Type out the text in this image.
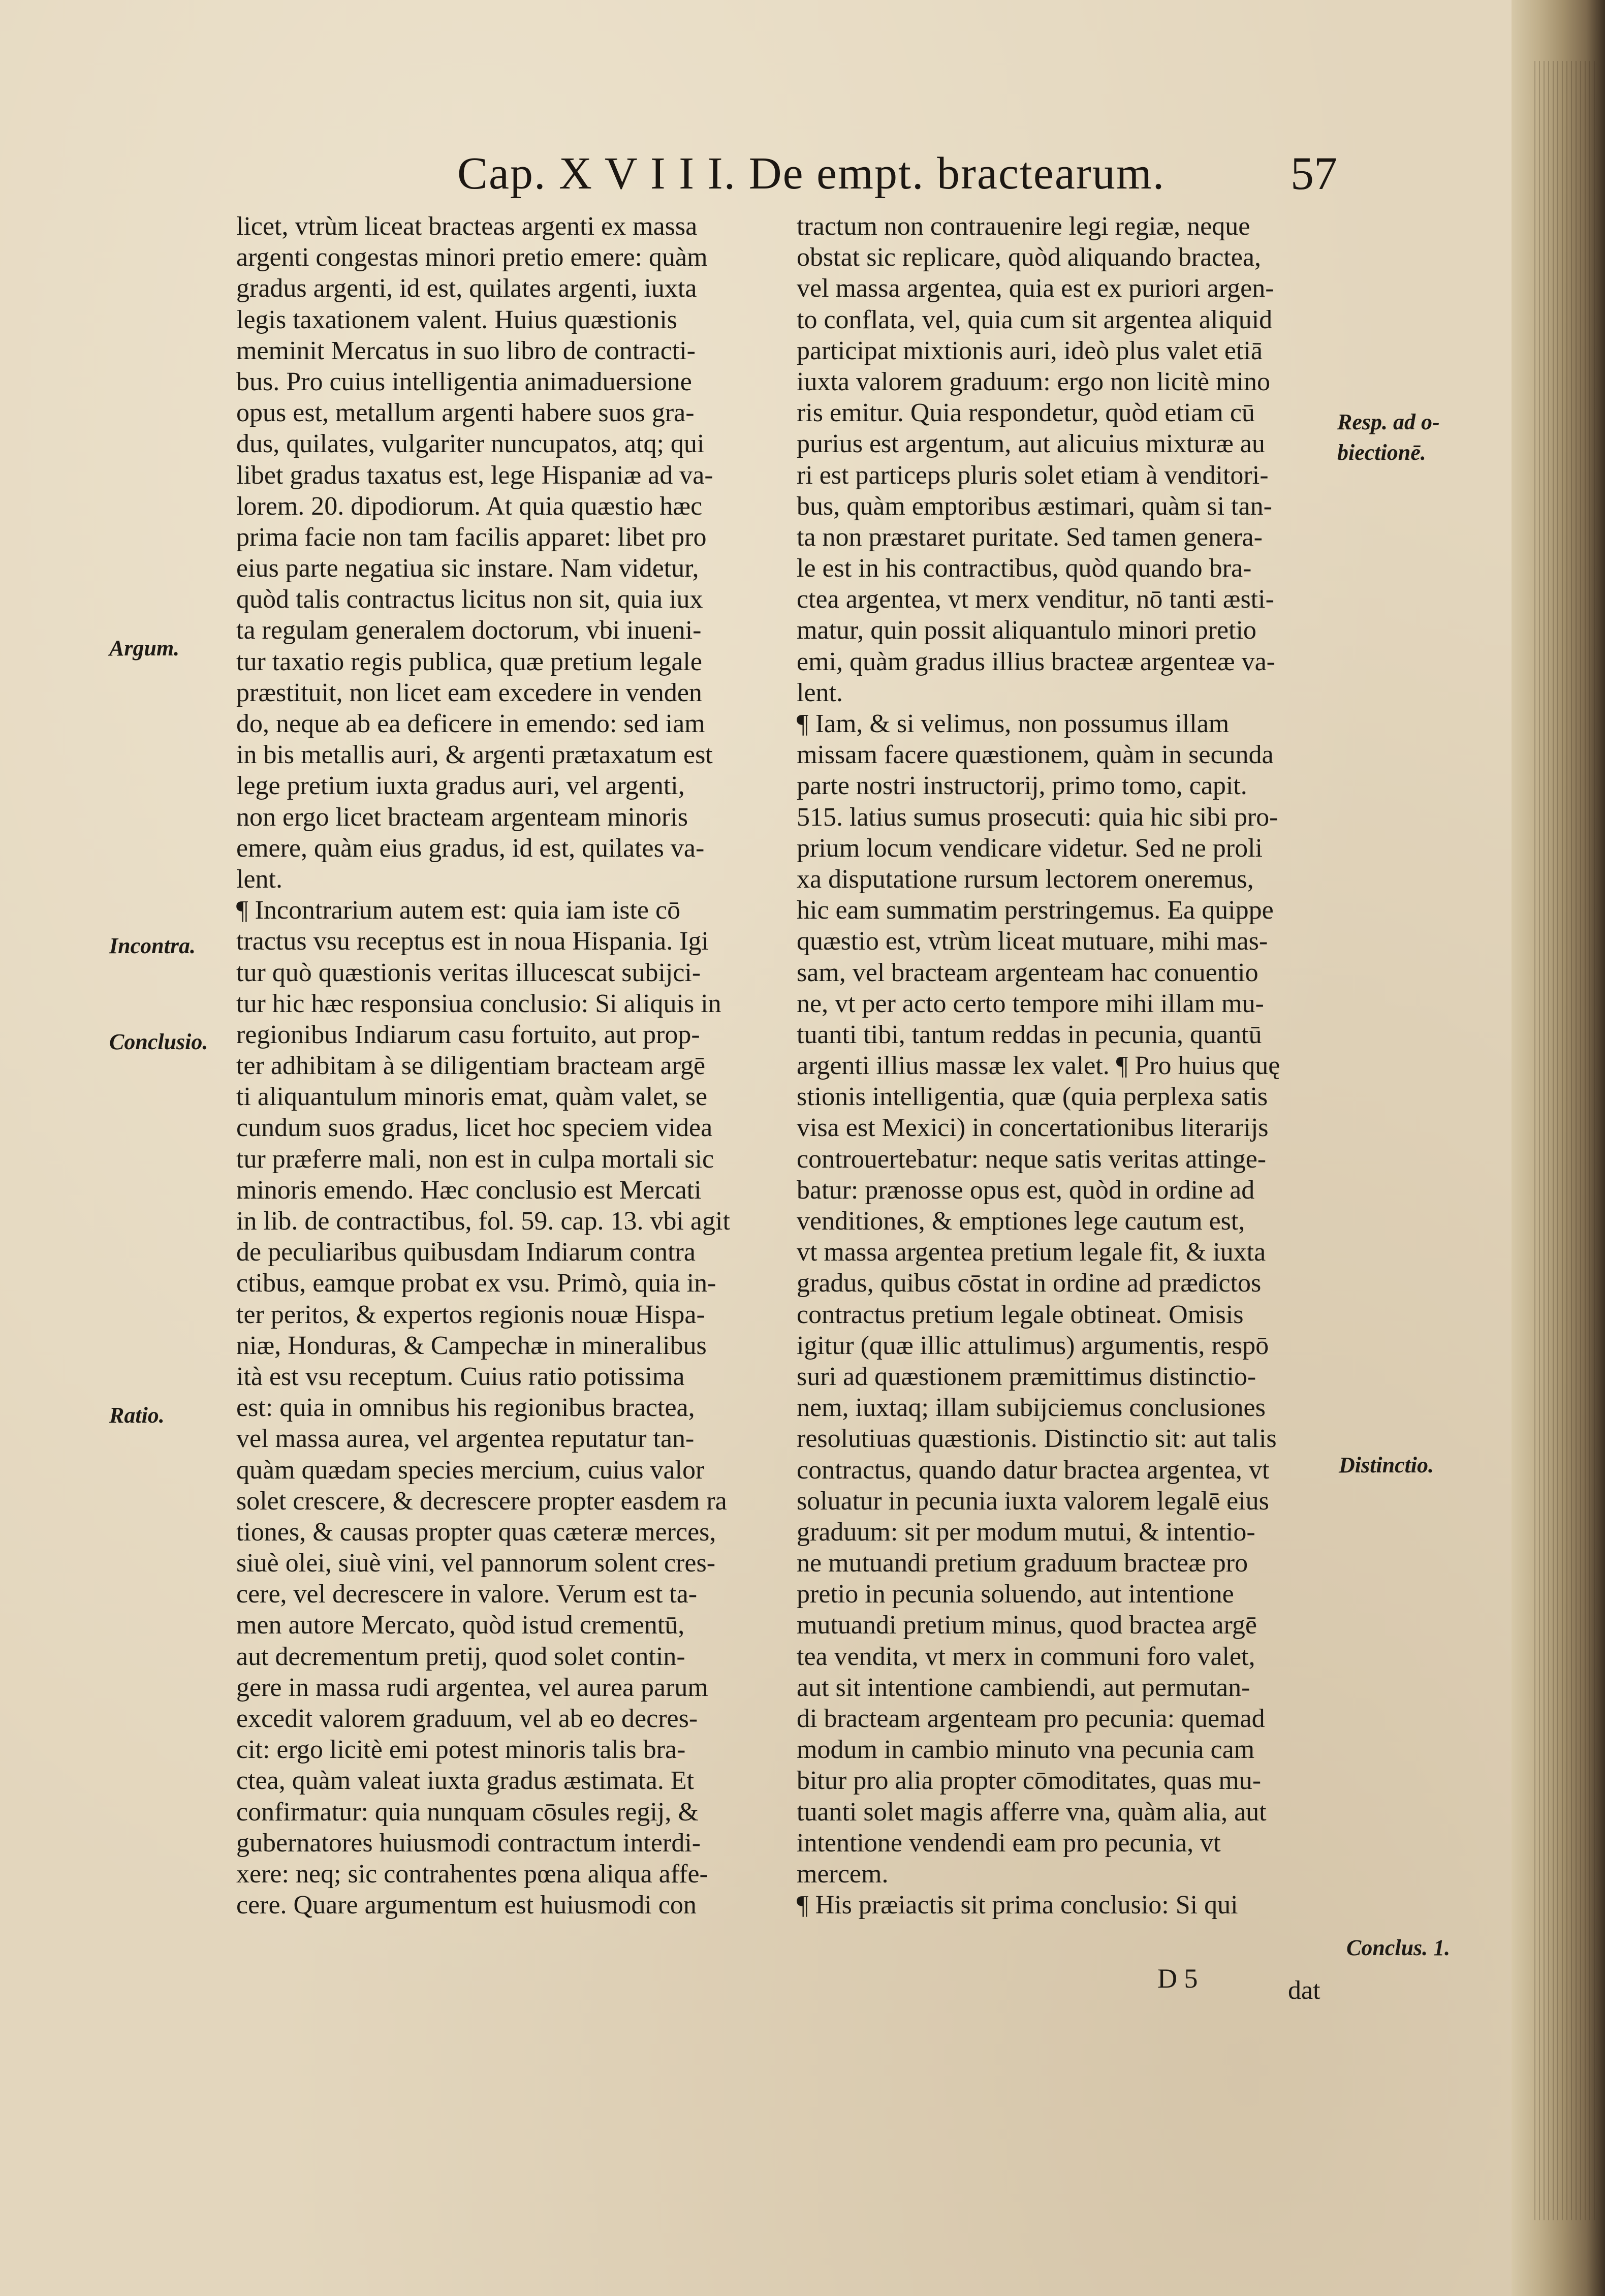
Cap. X V I I I. De empt. bractearum.	57
licet, vtrùm liceat bracteas argenti ex massa
argenti congestas minori pretio emere: quàm
gradus argenti, id est, quilates argenti, iuxta
legis taxationem valent. Huius quæstionis
meminit Mercatus in suo libro de contracti-
bus. Pro cuius intelligentia animaduersione
opus est, metallum argenti habere suos gra-
dus, quilates, vulgariter nuncupatos, atq; qui
libet gradus taxatus est, lege Hispaniæ ad va-
lorem. 20. dipodiorum. At quia quæstio hæc
prima facie non tam facilis apparet: libet pro
eius parte negatiua sic instare. Nam videtur,
quòd talis contractus licitus non sit, quia iux
ta regulam generalem doctorum, vbi inueni-
tur taxatio regis publica, quæ pretium legale
præstituit, non licet eam excedere in venden
do, neque ab ea deficere in emendo: sed iam
in bis metallis auri, & argenti prætaxatum est
lege pretium iuxta gradus auri, vel argenti,
non ergo licet bracteam argenteam minoris
emere, quàm eius gradus, id est, quilates va-
lent.
¶ Incontrarium autem est: quia iam iste cō
tractus vsu receptus est in noua Hispania. Igi
tur quò quæstionis veritas illucescat subijci-
tur hic hæc responsiua conclusio: Si aliquis in
regionibus Indiarum casu fortuito, aut prop-
ter adhibitam à se diligentiam bracteam argē
ti aliquantulum minoris emat, quàm valet, se
cundum suos gradus, licet hoc speciem videa
tur præferre mali, non est in culpa mortali sic
minoris emendo. Hæc conclusio est Mercati
in lib. de contractibus, fol. 59. cap. 13. vbi agit
de peculiaribus quibusdam Indiarum contra
ctibus, eamque probat ex vsu. Primò, quia in-
ter peritos, & expertos regionis nouæ Hispa-
niæ, Honduras, & Campechæ in mineralibus
ità est vsu receptum. Cuius ratio potissima
est: quia in omnibus his regionibus bractea,
vel massa aurea, vel argentea reputatur tan-
quàm quædam species mercium, cuius valor
solet crescere, & decrescere propter easdem ra
tiones, & causas propter quas cæteræ merces,
siuè olei, siuè vini, vel pannorum solent cres-
cere, vel decrescere in valore. Verum est ta-
men autore Mercato, quòd istud crementū,
aut decrementum pretij, quod solet contin-
gere in massa rudi argentea, vel aurea parum
excedit valorem graduum, vel ab eo decres-
cit: ergo licitè emi potest minoris talis bra-
ctea, quàm valeat iuxta gradus æstimata. Et
confirmatur: quia nunquam cōsules regij, &
gubernatores huiusmodi contractum interdi-
xere: neq; sic contrahentes pœna aliqua affe-
cere. Quare argumentum est huiusmodi con
tractum non contrauenire legi regiæ, neque
obstat sic replicare, quòd aliquando bractea,
vel massa argentea, quia est ex puriori argen-
to conflata, vel, quia cum sit argentea aliquid
participat mixtionis auri, ideò plus valet etiā
iuxta valorem graduum: ergo non licitè mino
ris emitur. Quia respondetur, quòd etiam cū
purius est argentum, aut alicuius mixturæ au
ri est particeps pluris solet etiam à venditori-
bus, quàm emptoribus æstimari, quàm si tan-
ta non præstaret puritate. Sed tamen genera-
le est in his contractibus, quòd quando bra-
ctea argentea, vt merx venditur, nō tanti æsti-
matur, quin possit aliquantulo minori pretio
emi, quàm gradus illius bracteæ argenteæ va-
lent.
¶ Iam, & si velimus, non possumus illam
missam facere quæstionem, quàm in secunda
parte nostri instructorij, primo tomo, capit.
515. latius sumus prosecuti: quia hic sibi pro-
prium locum vendicare videtur. Sed ne proli
xa disputatione rursum lectorem oneremus,
hic eam summatim perstringemus. Ea quippe
quæstio est, vtrùm liceat mutuare, mihi mas-
sam, vel bracteam argenteam hac conuentio
ne, vt per acto certo tempore mihi illam mu-
tuanti tibi, tantum reddas in pecunia, quantū
argenti illius massæ lex valet. ¶ Pro huius quę
stionis intelligentia, quæ (quia perplexa satis
visa est Mexici) in concertationibus literarijs
controuertebatur: neque satis veritas attinge-
batur: prænosse opus est, quòd in ordine ad
venditiones, & emptiones lege cautum est,
vt massa argentea pretium legale fit, & iuxta
gradus, quibus cōstat in ordine ad prædictos
contractus pretium legale obtineat. Omisis
igitur (quæ illic attulimus) argumentis, respō
suri ad quæstionem præmittimus distinctio-
nem, iuxtaq; illam subijciemus conclusiones
resolutiuas quæstionis. Distinctio sit: aut talis
contractus, quando datur bractea argentea, vt
soluatur in pecunia iuxta valorem legalē eius
graduum: sit per modum mutui, & intentio-
ne mutuandi pretium graduum bracteæ pro
pretio in pecunia soluendo, aut intentione
mutuandi pretium minus, quod bractea argē
tea vendita, vt merx in communi foro valet,
aut sit intentione cambiendi, aut permutan-
di bracteam argenteam pro pecunia: quemad
modum in cambio minuto vna pecunia cam
bitur pro alia propter cōmoditates, quas mu-
tuanti solet magis afferre vna, quàm alia, aut
intentione vendendi eam pro pecunia, vt
mercem.
¶ His præiactis sit prima conclusio: Si qui
Argum.
Incontra.
Conclusio.
Ratio.
Resp. ad o-
biectionē.
Distinctio.
Conclus. 1.
D 5	dat
